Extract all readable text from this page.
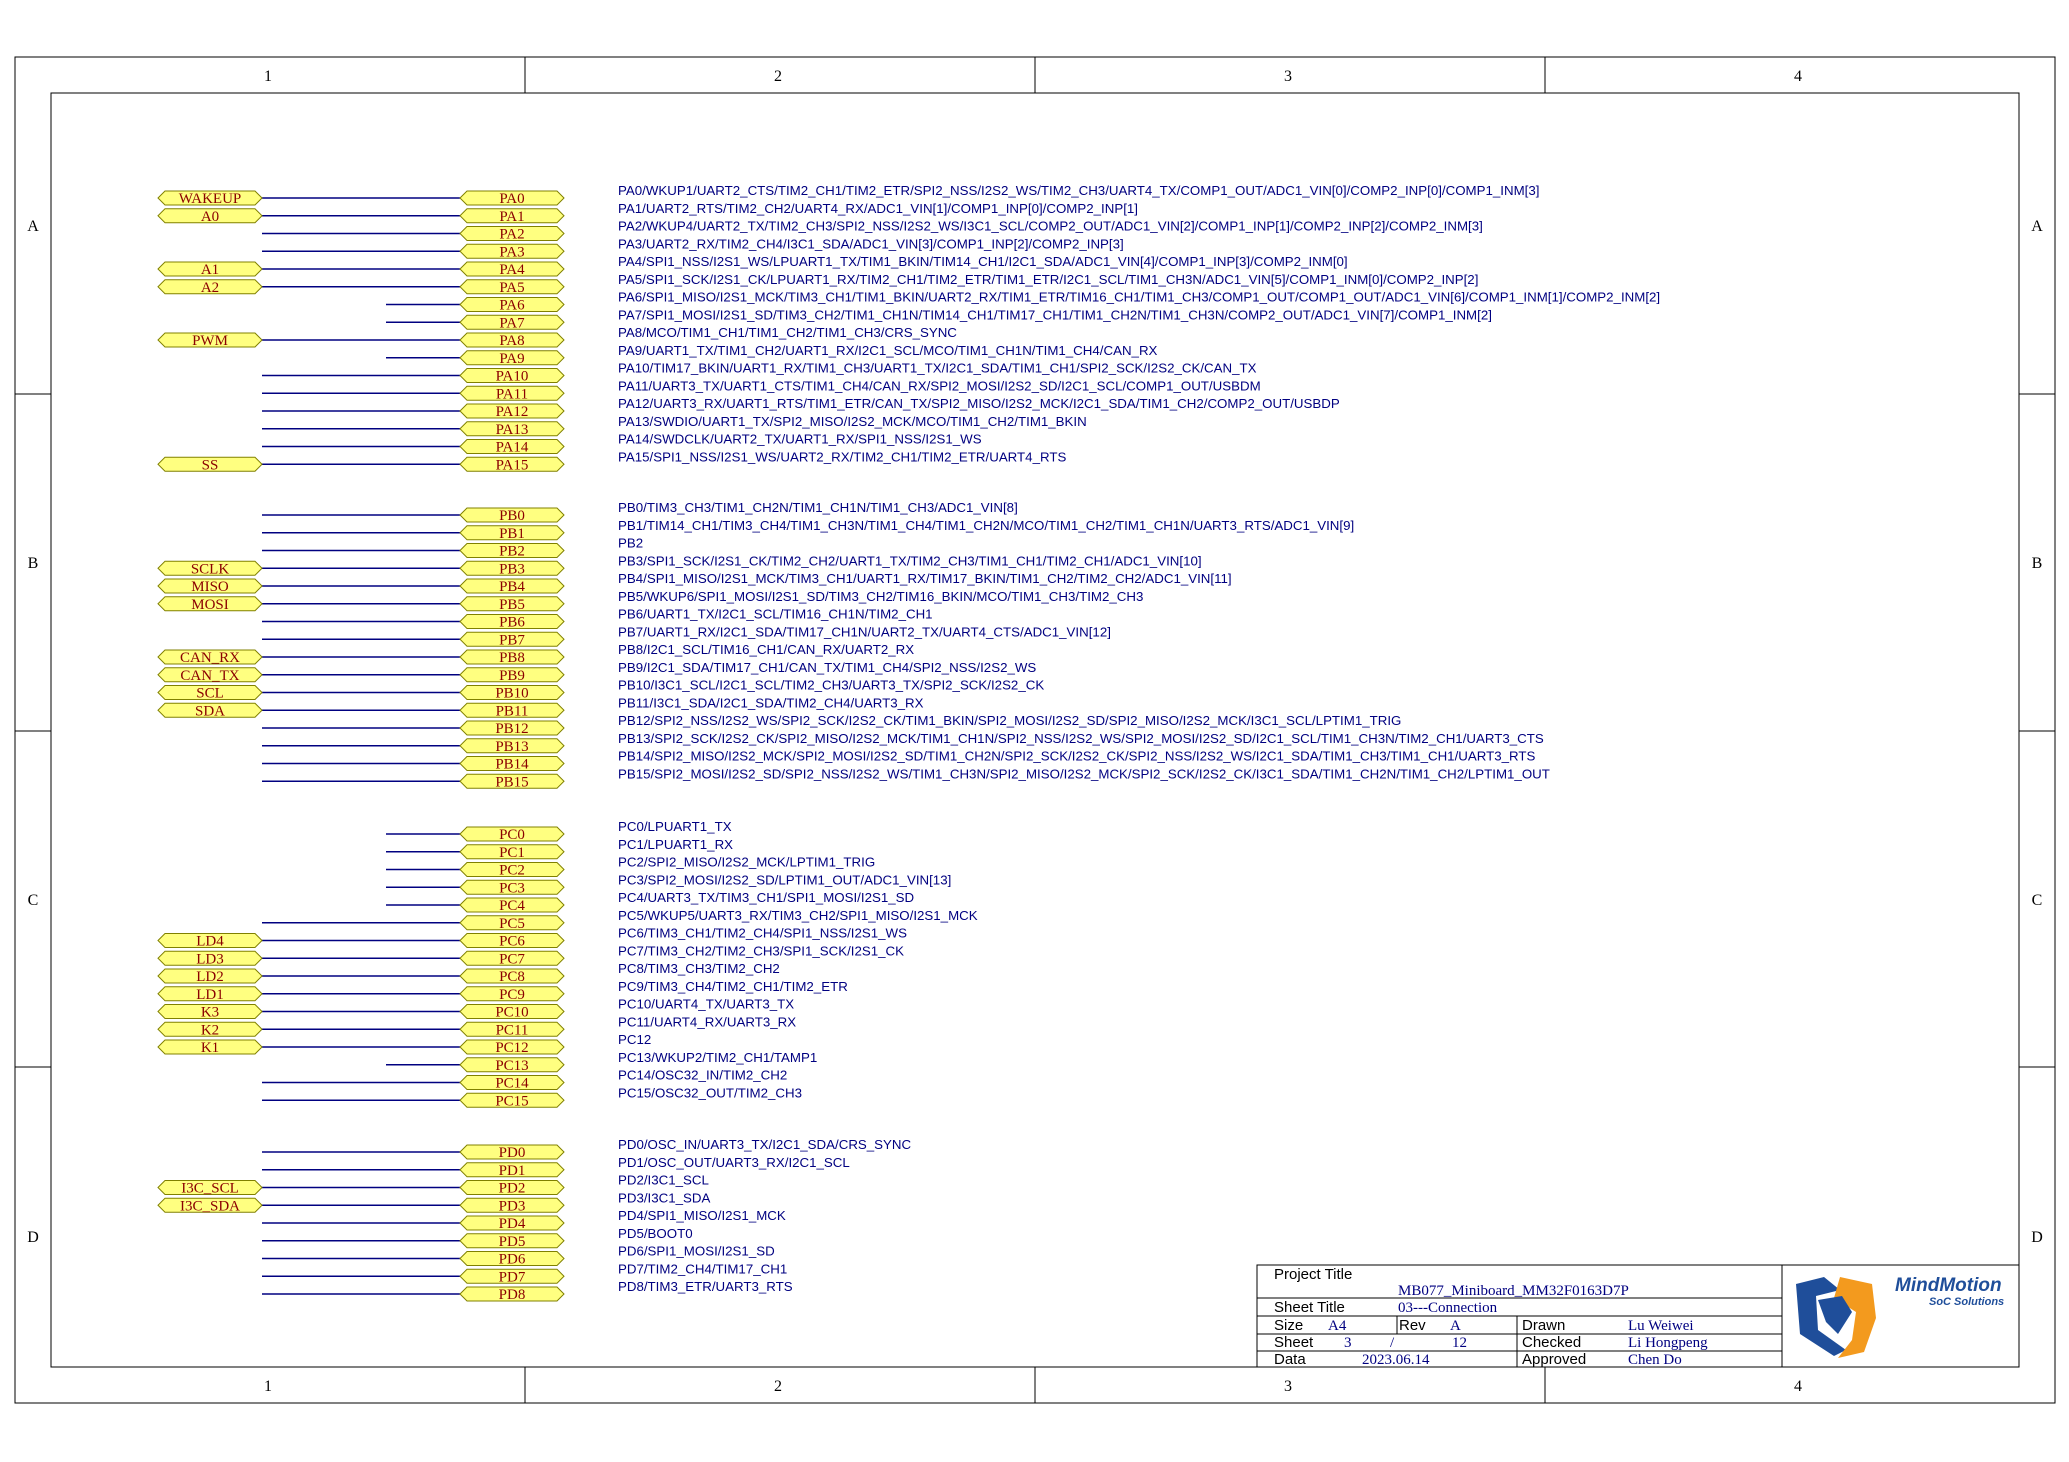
1	2	3	4
1	2	3	4
A
B
C
D
A
B
C
D
WAKEUP	PA0
PA0/WKUP1/UART2_CTS/TIM2_CH1/TIM2_ETR/SPI2_NSS/I2S2_WS/TIM2_CH3/UART4_TX/COMP1_OUT/ADC1_VIN[0]/COMP2_INP[0]/COMP1_INM[3]
A0	PA1
PA1/UART2_RTS/TIM2_CH2/UART4_RX/ADC1_VIN[1]/COMP1_INP[0]/COMP2_INP[1]
PA2
PA2/WKUP4/UART2_TX/TIM2_CH3/SPI2_NSS/I2S2_WS/I3C1_SCL/COMP2_OUT/ADC1_VIN[2]/COMP1_INP[1]/COMP2_INP[2]/COMP2_INM[3]
PA3
PA3/UART2_RX/TIM2_CH4/I3C1_SDA/ADC1_VIN[3]/COMP1_INP[2]/COMP2_INP[3]
A1	PA4
PA4/SPI1_NSS/I2S1_WS/LPUART1_TX/TIM1_BKIN/TIM14_CH1/I2C1_SDA/ADC1_VIN[4]/COMP1_INP[3]/COMP2_INM[0]
A2	PA5
PA5/SPI1_SCK/I2S1_CK/LPUART1_RX/TIM2_CH1/TIM2_ETR/TIM1_ETR/I2C1_SCL/TIM1_CH3N/ADC1_VIN[5]/COMP1_INM[0]/COMP2_INP[2]
PA6
PA6/SPI1_MISO/I2S1_MCK/TIM3_CH1/TIM1_BKIN/UART2_RX/TIM1_ETR/TIM16_CH1/TIM1_CH3/COMP1_OUT/COMP1_OUT/ADC1_VIN[6]/COMP1_INM[1]/COMP2_INM[2]
PA7
PA7/SPI1_MOSI/I2S1_SD/TIM3_CH2/TIM1_CH1N/TIM14_CH1/TIM17_CH1/TIM1_CH2N/TIM1_CH3N/COMP2_OUT/ADC1_VIN[7]/COMP1_INM[2]
PWM	PA8
PA8/MCO/TIM1_CH1/TIM1_CH2/TIM1_CH3/CRS_SYNC
PA9
PA9/UART1_TX/TIM1_CH2/UART1_RX/I2C1_SCL/MCO/TIM1_CH1N/TIM1_CH4/CAN_RX
PA10
PA10/TIM17_BKIN/UART1_RX/TIM1_CH3/UART1_TX/I2C1_SDA/TIM1_CH1/SPI2_SCK/I2S2_CK/CAN_TX
PA11
PA11/UART3_TX/UART1_CTS/TIM1_CH4/CAN_RX/SPI2_MOSI/I2S2_SD/I2C1_SCL/COMP1_OUT/USBDM
PA12
PA12/UART3_RX/UART1_RTS/TIM1_ETR/CAN_TX/SPI2_MISO/I2S2_MCK/I2C1_SDA/TIM1_CH2/COMP2_OUT/USBDP
PA13
PA13/SWDIO/UART1_TX/SPI2_MISO/I2S2_MCK/MCO/TIM1_CH2/TIM1_BKIN
PA14
PA14/SWDCLK/UART2_TX/UART1_RX/SPI1_NSS/I2S1_WS
SS	PA15
PA15/SPI1_NSS/I2S1_WS/UART2_RX/TIM2_CH1/TIM2_ETR/UART4_RTS
PB0
PB0/TIM3_CH3/TIM1_CH2N/TIM1_CH1N/TIM1_CH3/ADC1_VIN[8]
PB1
PB1/TIM14_CH1/TIM3_CH4/TIM1_CH3N/TIM1_CH4/TIM1_CH2N/MCO/TIM1_CH2/TIM1_CH1N/UART3_RTS/ADC1_VIN[9]
PB2
PB2
SCLK	PB3
PB3/SPI1_SCK/I2S1_CK/TIM2_CH2/UART1_TX/TIM2_CH3/TIM1_CH1/TIM2_CH1/ADC1_VIN[10]
MISO	PB4
PB4/SPI1_MISO/I2S1_MCK/TIM3_CH1/UART1_RX/TIM17_BKIN/TIM1_CH2/TIM2_CH2/ADC1_VIN[11]
MOSI	PB5
PB5/WKUP6/SPI1_MOSI/I2S1_SD/TIM3_CH2/TIM16_BKIN/MCO/TIM1_CH3/TIM2_CH3
PB6
PB6/UART1_TX/I2C1_SCL/TIM16_CH1N/TIM2_CH1
PB7
PB7/UART1_RX/I2C1_SDA/TIM17_CH1N/UART2_TX/UART4_CTS/ADC1_VIN[12]
CAN_RX	PB8
PB8/I2C1_SCL/TIM16_CH1/CAN_RX/UART2_RX
CAN_TX	PB9
PB9/I2C1_SDA/TIM17_CH1/CAN_TX/TIM1_CH4/SPI2_NSS/I2S2_WS
SCL	PB10
PB10/I3C1_SCL/I2C1_SCL/TIM2_CH3/UART3_TX/SPI2_SCK/I2S2_CK
SDA	PB11
PB11/I3C1_SDA/I2C1_SDA/TIM2_CH4/UART3_RX
PB12
PB12/SPI2_NSS/I2S2_WS/SPI2_SCK/I2S2_CK/TIM1_BKIN/SPI2_MOSI/I2S2_SD/SPI2_MISO/I2S2_MCK/I3C1_SCL/LPTIM1_TRIG
PB13
PB13/SPI2_SCK/I2S2_CK/SPI2_MISO/I2S2_MCK/TIM1_CH1N/SPI2_NSS/I2S2_WS/SPI2_MOSI/I2S2_SD/I2C1_SCL/TIM1_CH3N/TIM2_CH1/UART3_CTS
PB14
PB14/SPI2_MISO/I2S2_MCK/SPI2_MOSI/I2S2_SD/TIM1_CH2N/SPI2_SCK/I2S2_CK/SPI2_NSS/I2S2_WS/I2C1_SDA/TIM1_CH3/TIM1_CH1/UART3_RTS
PB15
PB15/SPI2_MOSI/I2S2_SD/SPI2_NSS/I2S2_WS/TIM1_CH3N/SPI2_MISO/I2S2_MCK/SPI2_SCK/I2S2_CK/I3C1_SDA/TIM1_CH2N/TIM1_CH2/LPTIM1_OUT
PC0
PC0/LPUART1_TX
PC1
PC1/LPUART1_RX
PC2
PC2/SPI2_MISO/I2S2_MCK/LPTIM1_TRIG
PC3
PC3/SPI2_MOSI/I2S2_SD/LPTIM1_OUT/ADC1_VIN[13]
PC4
PC4/UART3_TX/TIM3_CH1/SPI1_MOSI/I2S1_SD
PC5
PC5/WKUP5/UART3_RX/TIM3_CH2/SPI1_MISO/I2S1_MCK
LD4	PC6
PC6/TIM3_CH1/TIM2_CH4/SPI1_NSS/I2S1_WS
LD3	PC7
PC7/TIM3_CH2/TIM2_CH3/SPI1_SCK/I2S1_CK
LD2	PC8
PC8/TIM3_CH3/TIM2_CH2
LD1	PC9
PC9/TIM3_CH4/TIM2_CH1/TIM2_ETR
K3	PC10
PC10/UART4_TX/UART3_TX
K2	PC11
PC11/UART4_RX/UART3_RX
K1	PC12
PC12
PC13
PC13/WKUP2/TIM2_CH1/TAMP1
PC14
PC14/OSC32_IN/TIM2_CH2
PC15
PC15/OSC32_OUT/TIM2_CH3
PD0
PD0/OSC_IN/UART3_TX/I2C1_SDA/CRS_SYNC
PD1
PD1/OSC_OUT/UART3_RX/I2C1_SCL
I3C_SCL	PD2
PD2/I3C1_SCL
I3C_SDA	PD3
PD3/I3C1_SDA
PD4
PD4/SPI1_MISO/I2S1_MCK
PD5
PD5/BOOT0
PD6
PD6/SPI1_MOSI/I2S1_SD
PD7
PD7/TIM2_CH4/TIM17_CH1
PD8
PD8/TIM3_ETR/UART3_RTS
Project Title
MB077_Miniboard_MM32F0163D7P
Sheet Title	03---Connection
Size A4	Rev A	Drawn	Lu Weiwei
Sheet 3	/	12	Checked	Li Hongpeng
Data	2023.06.14	Approved	Chen Do
MindMotion
SoC Solutions
